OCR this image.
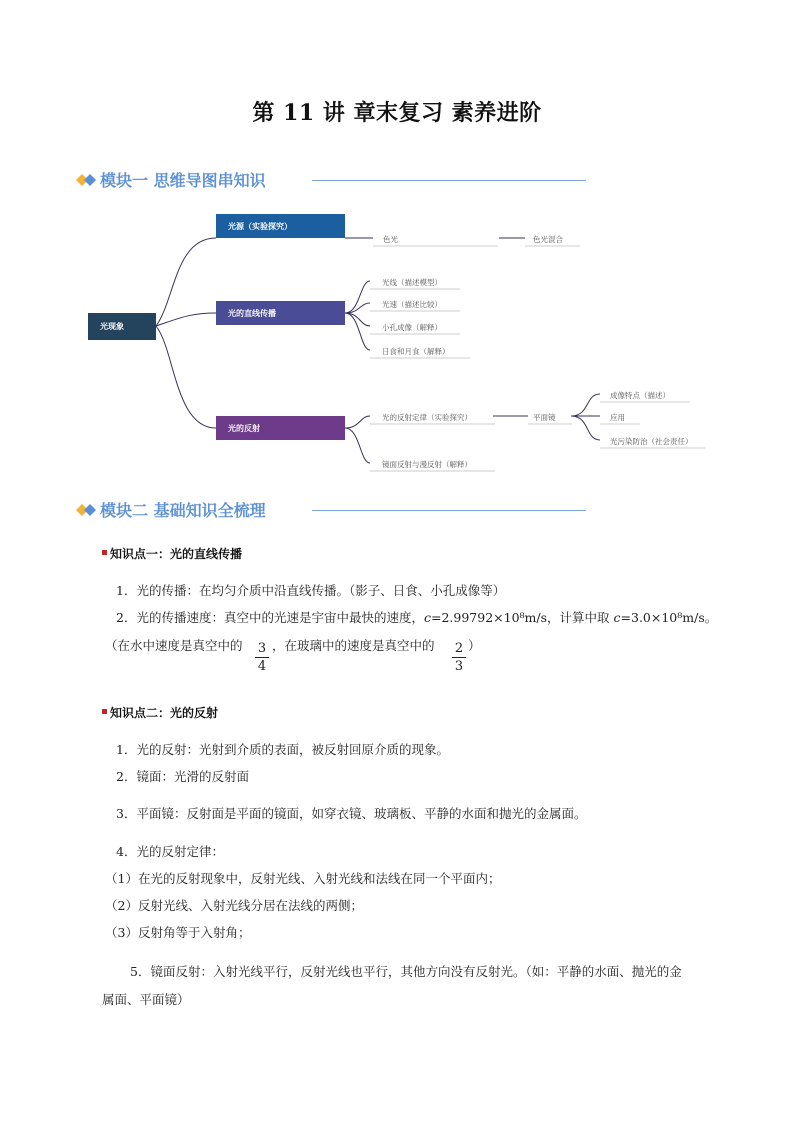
第 11 讲 章末复习 素养进阶
模块一 思维导图串知识
光现象
光源（实验探究）
光的直线传播
光的反射
色光	色光混合
光线（描述模型）
光速（描述比较）
小孔成像（解释）
日食和月食（解释）
光的反射定律（实验探究）
镜面反射与漫反射（解释）
平面镜
成像特点（描述）
应用
光污染防治（社会责任）
模块二 基础知识全梳理
知识点一：光的直线传播
1．光的传播：在均匀介质中沿直线传播。（影子、日食、小孔成像等）
2．光的传播速度：真空中的光速是宇宙中最快的速度，c=2.99792×10⁸m/s，计算中取 c=3.0×10⁸m/s。
（在水中速度是真空中的 $\frac{3}{4}$ ，在玻璃中的速度是真空中的 $\frac{2}{3}$ ）
知识点二：光的反射
1．光的反射：光射到介质的表面，被反射回原介质的现象。
2．镜面：光滑的反射面
3．平面镜：反射面是平面的镜面，如穿衣镜、玻璃板、平静的水面和抛光的金属面。
4．光的反射定律：
（1）在光的反射现象中，反射光线、入射光线和法线在同一个平面内；
（2）反射光线、入射光线分居在法线的两侧；
（3）反射角等于入射角；
5．镜面反射：入射光线平行，反射光线也平行，其他方向没有反射光。（如：平静的水面、抛光的金
属面、平面镜）
